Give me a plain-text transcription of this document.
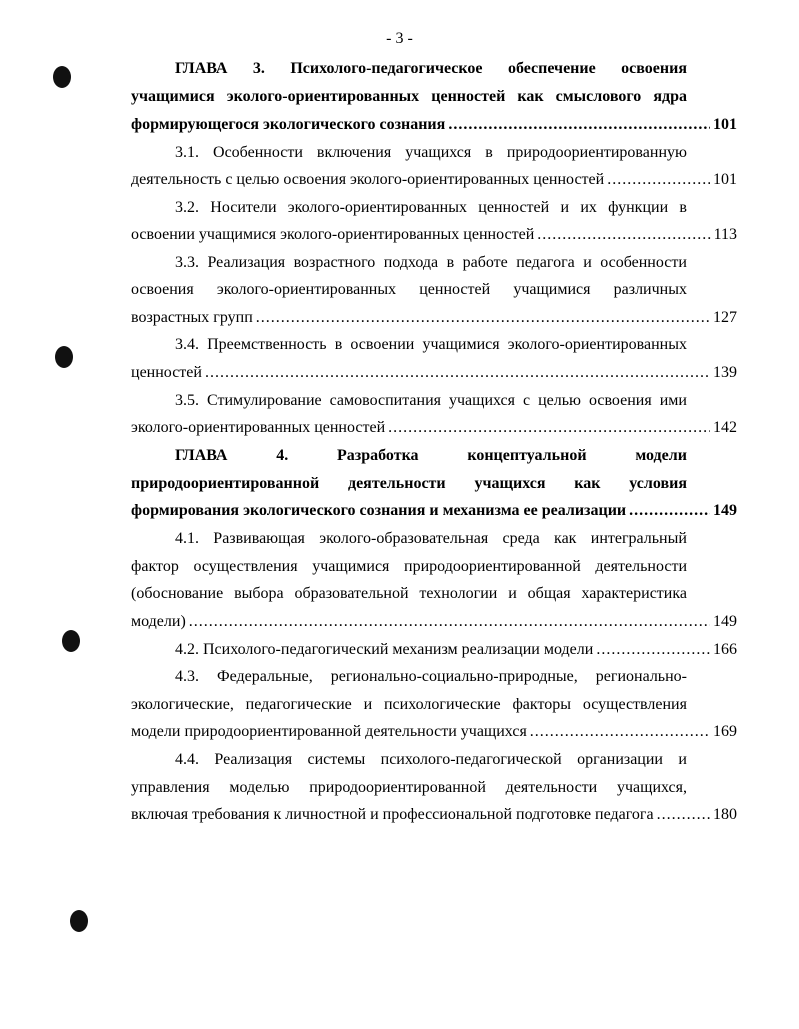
- 3 -
ГЛАВА 3. Психолого-педагогическое обеспечение освоения
учащимися эколого-ориентированных ценностей как смыслового ядра
формирующегося экологического сознания .....	101
3.1. Особенности включения учащихся в природоориентированную
деятельность с целью освоения эколого-ориентированных ценностей .....	101
3.2. Носители эколого-ориентированных ценностей и их функции в
освоении учащимися эколого-ориентированных ценностей .....	113
3.3. Реализация возрастного подхода в работе педагога и особенности
освоения эколого-ориентированных ценностей учащимися различных
возрастных групп .....	127
3.4. Преемственность в освоении учащимися эколого-ориентированных
ценностей .....	139
3.5. Стимулирование самовоспитания учащихся с целью освоения ими
эколого-ориентированных ценностей .....	142
ГЛАВА	4.	Разработка	концептуальной	модели
природоориентированной деятельности учащихся как условия
формирования экологического сознания и механизма ее реализации .....	149
4.1. Развивающая эколого-образовательная среда как интегральный
фактор осуществления учащимися природоориентированной деятельности
(обоснование выбора образовательной технологии и общая характеристика
модели) .....	149
4.2. Психолого-педагогический механизм реализации модели .....	166
4.3. Федеральные, регионально-социально-природные, регионально-
экологические, педагогические и психологические факторы осуществления
модели природоориентированной деятельности учащихся .....	169
4.4. Реализация системы психолого-педагогической организации и
управления моделью природоориентированной деятельности учащихся,
включая требования к личностной и профессиональной подготовке педагога .....	180
